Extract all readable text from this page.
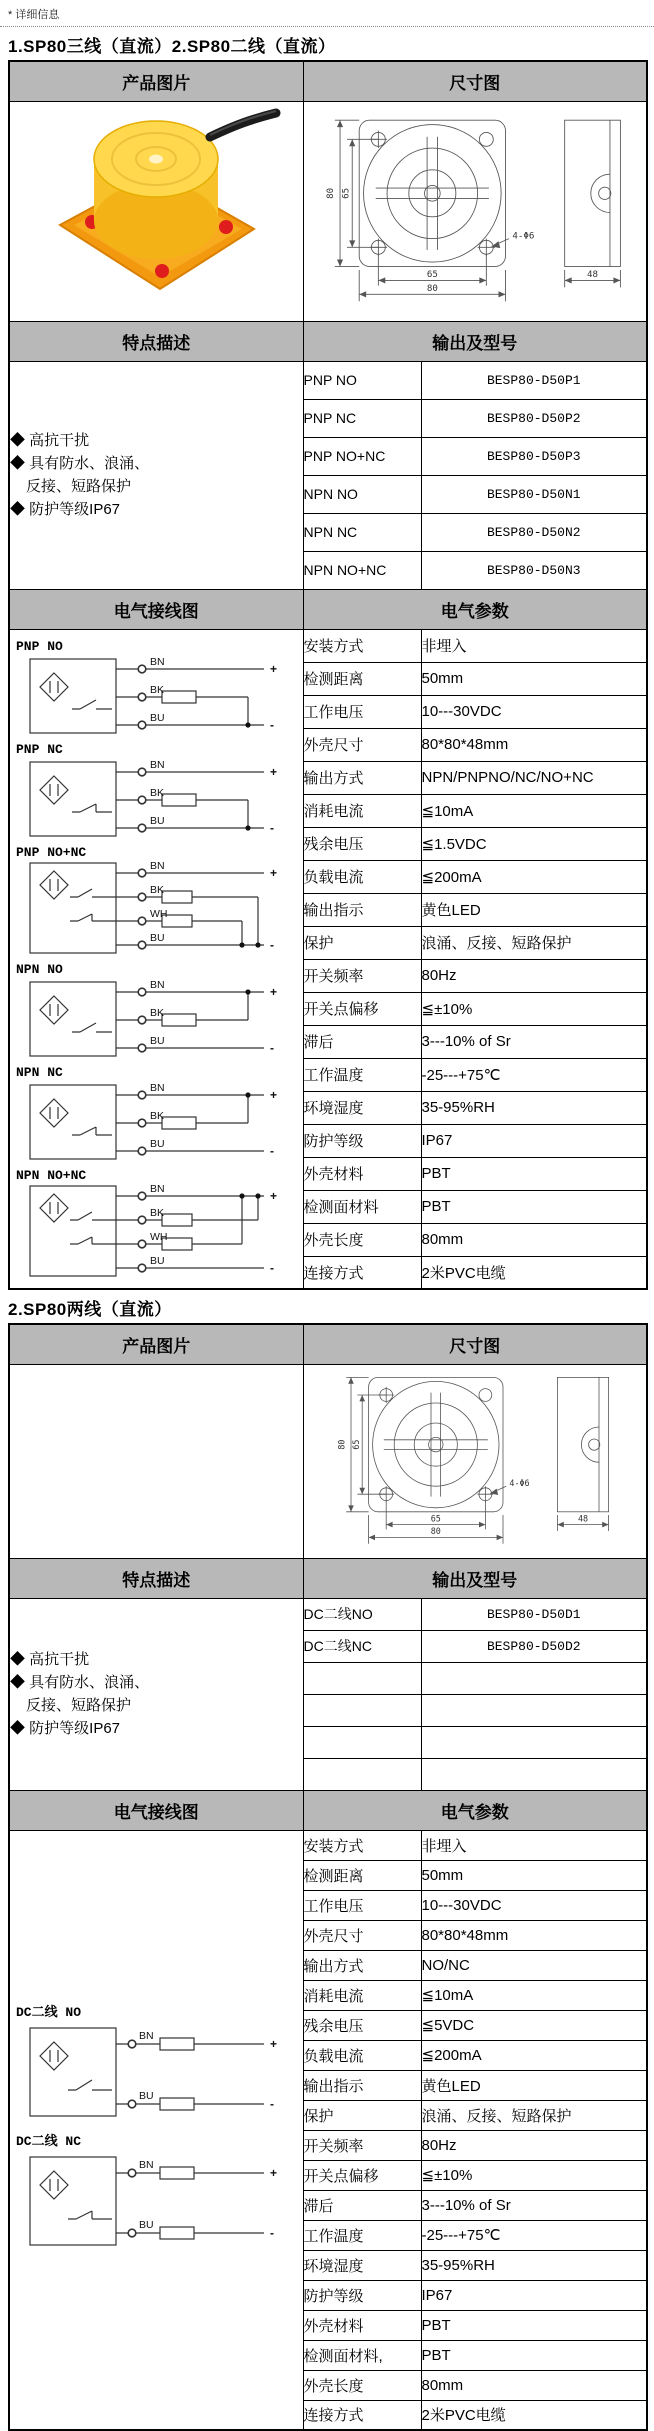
* 详细信息
1.SP80三线（直流）2.SP80二线（直流）
产品图片	尺寸图	

80 65
65
80
4-Φ6
48

特点描述	输出及型号	

◆ 高抗干扰
◆ 具有防水、浪涌、
反接、短路保护
◆ 防护等级IP67	PNP NO	BESP80-D50P1
	PNP NC	BESP80-D50P2
	PNP NO+NC	BESP80-D50P3
	NPN NO	BESP80-D50N1
	NPN NC	BESP80-D50N2
	NPN NO+NC	BESP80-D50N3
电气接线图	电气参数	

PNP NO
BN
BK
BU
+
-
PNP NC
BN
BK
BU
+
-
PNP NO+NC
BN
BK
WH
BU
+
-
NPN NO
BN
BK
BU
+
-
NPN NC
BN
BK
BU
+
-
NPN NO+NC
BN
BK
WH
BU
+
-
	安装方式	非埋入
	检测距离	50mm
	工作电压	10---30VDC
	外壳尺寸	80*80*48mm
	输出方式	NPN/PNPNO/NC/NO+NC
	消耗电流	≦10mA
	残余电压	≦1.5VDC
	负载电流	≦200mA
	输出指示	黄色LED
	保护	浪涌、反接、短路保护
	开关频率	80Hz
	开关点偏移	≦±10%
	滞后	3---10% of Sr
	工作温度	-25---+75℃
	环境湿度	35-95%RH
	防护等级	IP67
	外壳材料	PBT
	检测面材料	PBT
	外壳长度	80mm
	连接方式	2米PVC电缆
2.SP80两线（直流）
产品图片	尺寸图	

80 65
65
80
4-Φ6
48

特点描述	输出及型号	

◆ 高抗干扰
◆ 具有防水、浪涌、
反接、短路保护
◆ 防护等级IP67	DC二线NO	BESP80-D50D1
	DC二线NC	BESP80-D50D2

电气接线图	电气参数	

DC二线 NO
BN
BU
+
-
DC二线 NC
BN
BU
+
-
	安装方式	非埋入
	检测距离	50mm
	工作电压	10---30VDC
	外壳尺寸	80*80*48mm
	输出方式	NO/NC
	消耗电流	≦10mA
	残余电压	≦5VDC
	负载电流	≦200mA
	输出指示	黄色LED
	保护	浪涌、反接、短路保护
	开关频率	80Hz
	开关点偏移	≦±10%
	滞后	3---10% of Sr
	工作温度	-25---+75℃
	环境湿度	35-95%RH
	防护等级	IP67
	外壳材料	PBT
	检测面材料,	PBT
	外壳长度	80mm
	连接方式	2米PVC电缆
